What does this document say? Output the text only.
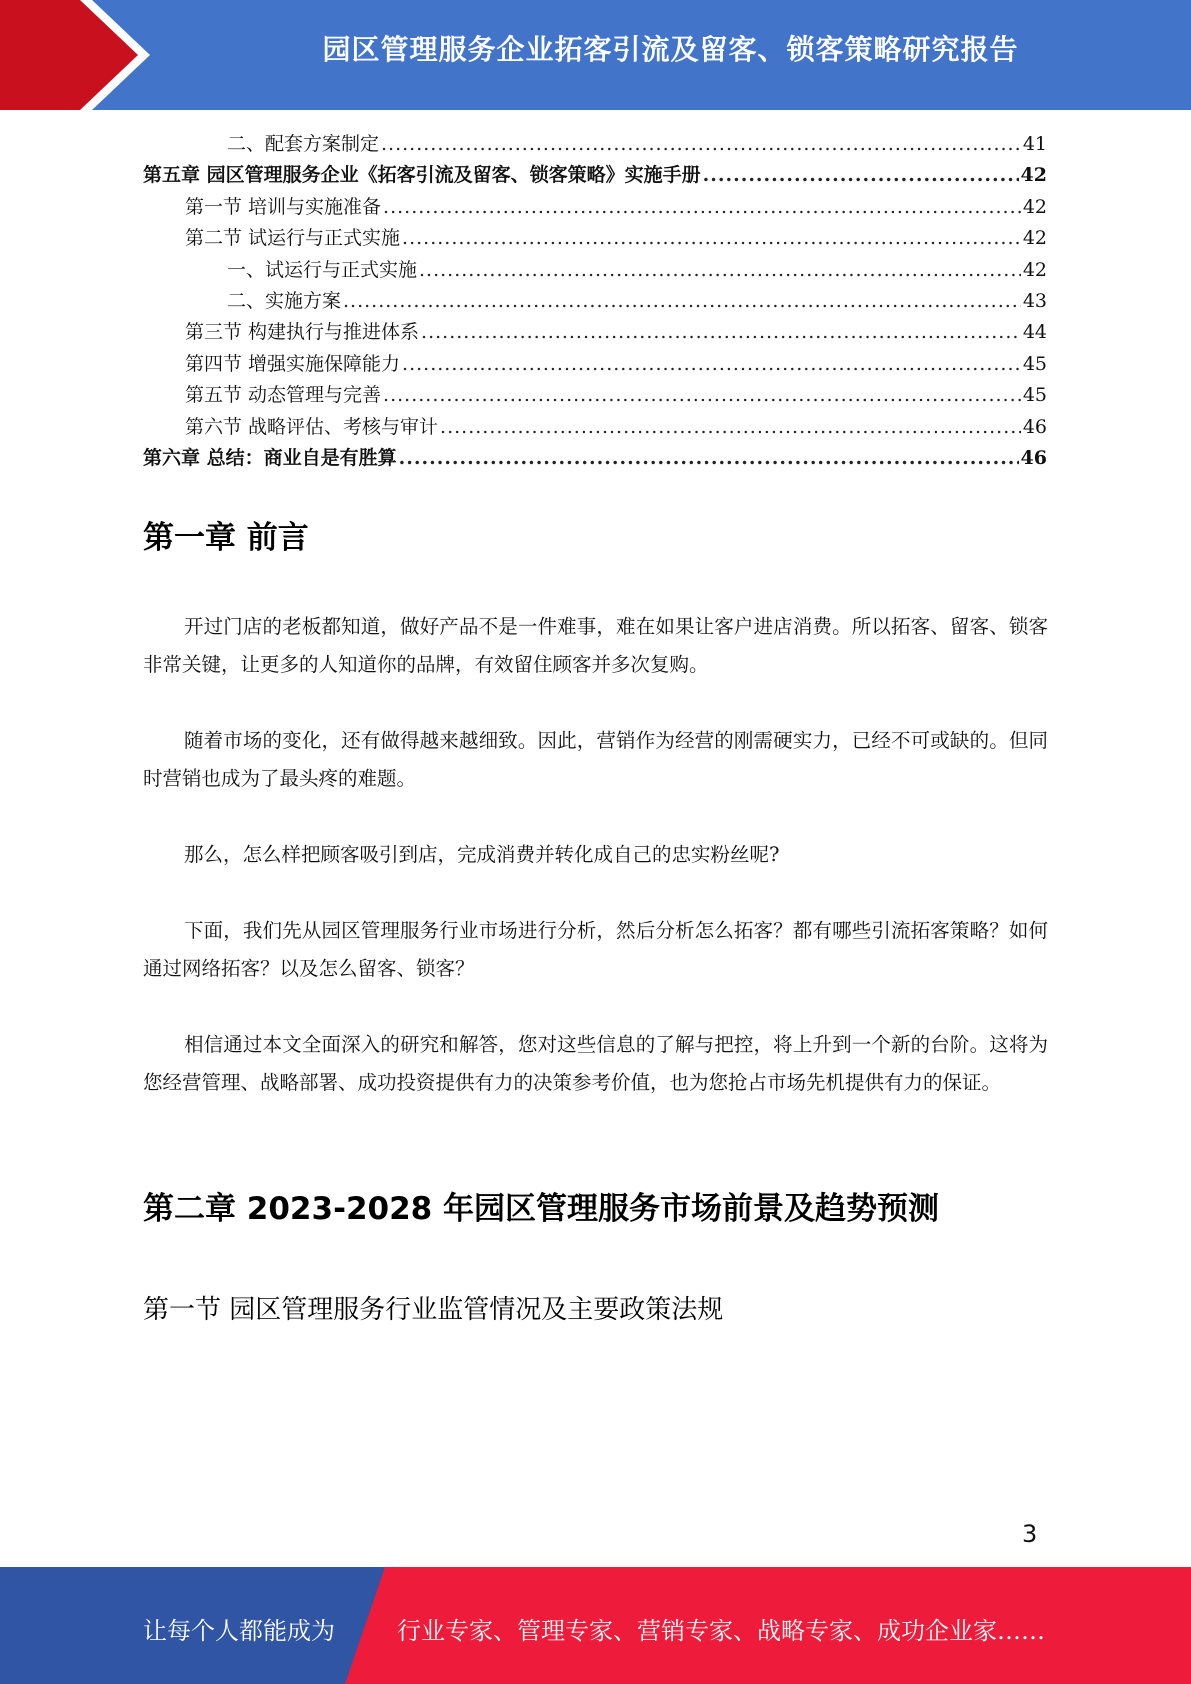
园区管理服务企业拓客引流及留客、锁客策略研究报告
二、配套方案制定 .....	41
第五章 园区管理服务企业《拓客引流及留客、锁客策略》实施手册 .....	42
第一节 培训与实施准备 .....	42
第二节 试运行与正式实施 .....	42
一、试运行与正式实施 .....	42
二、实施方案 .....	43
第三节 构建执行与推进体系 .....	44
第四节 增强实施保障能力 .....	45
第五节 动态管理与完善 .....	45
第六节 战略评估、考核与审计 .....	46
第六章 总结：商业自是有胜算 .....	46
第一章 前言

开过门店的老板都知道，做好产品不是一件难事，难在如果让客户进店消费。所以拓客、留客、锁客非常关键，让更多的人知道你的品牌，有效留住顾客并多次复购。

随着市场的变化，还有做得越来越细致。因此，营销作为经营的刚需硬实力，已经不可或缺的。但同时营销也成为了最头疼的难题。

那么，怎么样把顾客吸引到店，完成消费并转化成自己的忠实粉丝呢?

下面，我们先从园区管理服务行业市场进行分析，然后分析怎么拓客？都有哪些引流拓客策略？如何通过网络拓客？以及怎么留客、锁客？

相信通过本文全面深入的研究和解答，您对这些信息的了解与把控，将上升到一个新的台阶。这将为您经营管理、战略部署、成功投资提供有力的决策参考价值，也为您抢占市场先机提供有力的保证。

第二章 2023-2028 年园区管理服务市场前景及趋势预测
第一节 园区管理服务行业监管情况及主要政策法规
3
让每个人都能成为	行业专家、管理专家、营销专家、战略专家、成功企业家……
